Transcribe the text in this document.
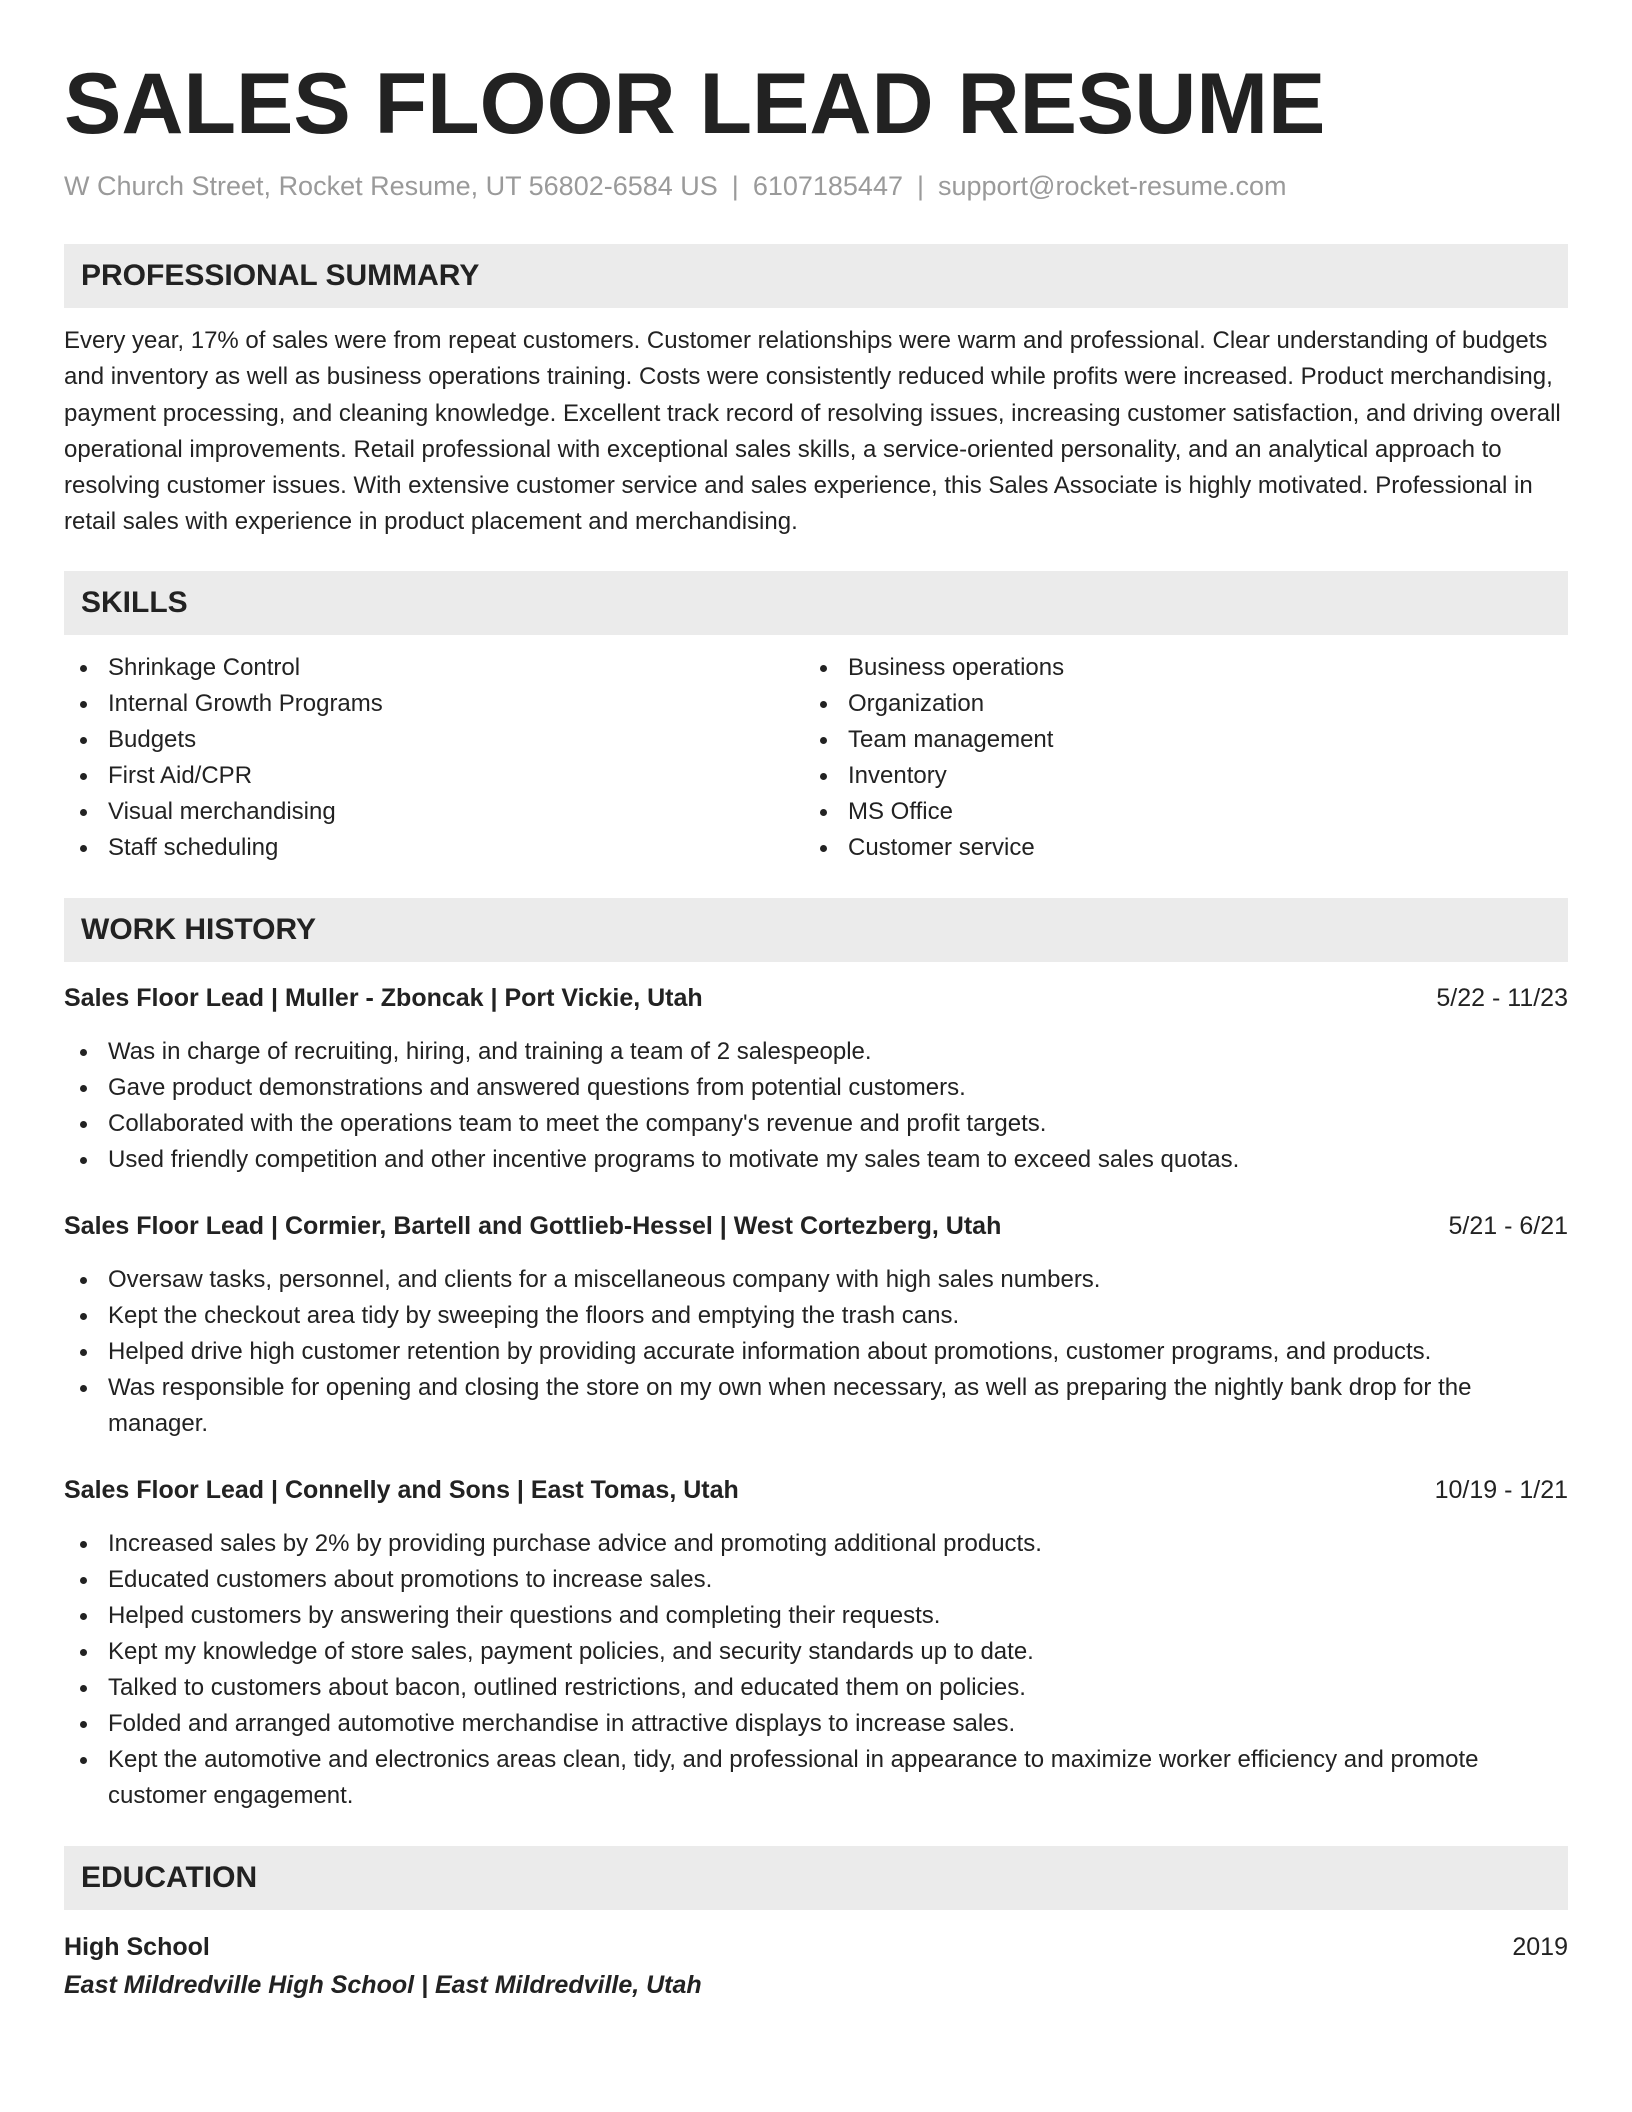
SALES FLOOR LEAD RESUME
W Church Street, Rocket Resume, UT 56802-6584 US | 6107185447 | support@rocket-resume.com
PROFESSIONAL SUMMARY
Every year, 17% of sales were from repeat customers. Customer relationships were warm and professional. Clear understanding of budgets and inventory as well as business operations training. Costs were consistently reduced while profits were increased. Product merchandising, payment processing, and cleaning knowledge. Excellent track record of resolving issues, increasing customer satisfaction, and driving overall operational improvements. Retail professional with exceptional sales skills, a service-oriented personality, and an analytical approach to resolving customer issues. With extensive customer service and sales experience, this Sales Associate is highly motivated. Professional in retail sales with experience in product placement and merchandising.
SKILLS
Shrinkage Control
Internal Growth Programs
Budgets
First Aid/CPR
Visual merchandising
Staff scheduling
Business operations
Organization
Team management
Inventory
MS Office
Customer service
WORK HISTORY
Sales Floor Lead | Muller - Zboncak | Port Vickie, Utah	5/22 - 11/23
Was in charge of recruiting, hiring, and training a team of 2 salespeople.
Gave product demonstrations and answered questions from potential customers.
Collaborated with the operations team to meet the company's revenue and profit targets.
Used friendly competition and other incentive programs to motivate my sales team to exceed sales quotas.
Sales Floor Lead | Cormier, Bartell and Gottlieb-Hessel | West Cortezberg, Utah	5/21 - 6/21
Oversaw tasks, personnel, and clients for a miscellaneous company with high sales numbers.
Kept the checkout area tidy by sweeping the floors and emptying the trash cans.
Helped drive high customer retention by providing accurate information about promotions, customer programs, and products.
Was responsible for opening and closing the store on my own when necessary, as well as preparing the nightly bank drop for the manager.
Sales Floor Lead | Connelly and Sons | East Tomas, Utah	10/19 - 1/21
Increased sales by 2% by providing purchase advice and promoting additional products.
Educated customers about promotions to increase sales.
Helped customers by answering their questions and completing their requests.
Kept my knowledge of store sales, payment policies, and security standards up to date.
Talked to customers about bacon, outlined restrictions, and educated them on policies.
Folded and arranged automotive merchandise in attractive displays to increase sales.
Kept the automotive and electronics areas clean, tidy, and professional in appearance to maximize worker efficiency and promote customer engagement.
EDUCATION
High School	2019
East Mildredville High School | East Mildredville, Utah
